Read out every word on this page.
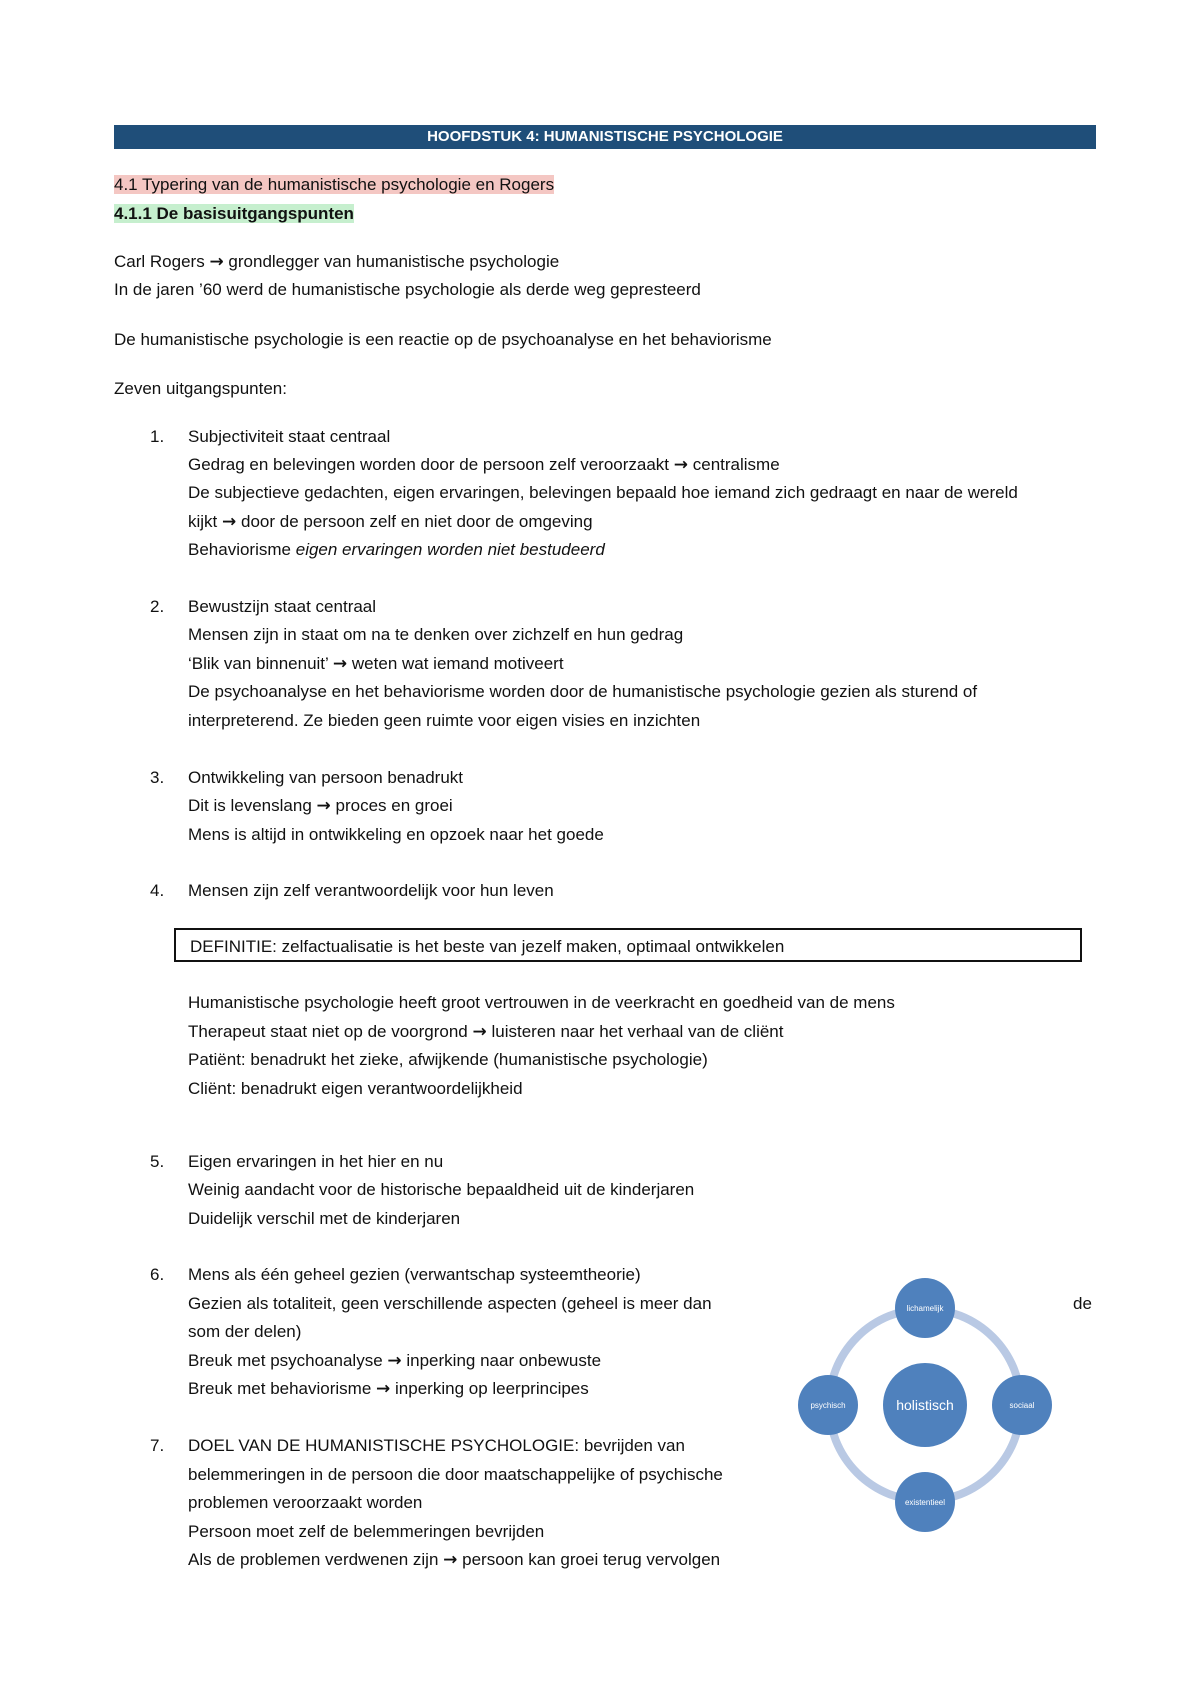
HOOFDSTUK 4: HUMANISTISCHE PSYCHOLOGIE
4.1 Typering van de humanistische psychologie en Rogers
4.1.1 De basisuitgangspunten
Carl Rogers → grondlegger van humanistische psychologie
In de jaren ’60 werd de humanistische psychologie als derde weg gepresteerd
De humanistische psychologie is een reactie op de psychoanalyse en het behaviorisme
Zeven uitgangspunten:
1. Subjectiviteit staat centraal
Gedrag en belevingen worden door de persoon zelf veroorzaakt → centralisme
De subjectieve gedachten, eigen ervaringen, belevingen bepaald hoe iemand zich gedraagt en naar de wereld
kijkt → door de persoon zelf en niet door de omgeving
Behaviorisme eigen ervaringen worden niet bestudeerd
2. Bewustzijn staat centraal
Mensen zijn in staat om na te denken over zichzelf en hun gedrag
‘Blik van binnenuit’ → weten wat iemand motiveert
De psychoanalyse en het behaviorisme worden door de humanistische psychologie gezien als sturend of
interpreterend. Ze bieden geen ruimte voor eigen visies en inzichten
3. Ontwikkeling van persoon benadrukt
Dit is levenslang → proces en groei
Mens is altijd in ontwikkeling en opzoek naar het goede
4. Mensen zijn zelf verantwoordelijk voor hun leven
DEFINITIE: zelfactualisatie is het beste van jezelf maken, optimaal ontwikkelen
Humanistische psychologie heeft groot vertrouwen in de veerkracht en goedheid van de mens
Therapeut staat niet op de voorgrond → luisteren naar het verhaal van de cliënt
Patiënt: benadrukt het zieke, afwijkende (humanistische psychologie)
Cliënt: benadrukt eigen verantwoordelijkheid
5. Eigen ervaringen in het hier en nu
Weinig aandacht voor de historische bepaaldheid uit de kinderjaren
Duidelijk verschil met de kinderjaren
6. Mens als één geheel gezien (verwantschap systeemtheorie)
Gezien als totaliteit, geen verschillende aspecten (geheel is meer dan	de
som der delen)
Breuk met psychoanalyse → inperking naar onbewuste
Breuk met behaviorisme → inperking op leerprincipes
7. DOEL VAN DE HUMANISTISCHE PSYCHOLOGIE: bevrijden van
belemmeringen in de persoon die door maatschappelijke of psychische
problemen veroorzaakt worden
Persoon moet zelf de belemmeringen bevrijden
Als de problemen verdwenen zijn → persoon kan groei terug vervolgen
holistisch
lichamelijk
psychisch	sociaal
existentieel
